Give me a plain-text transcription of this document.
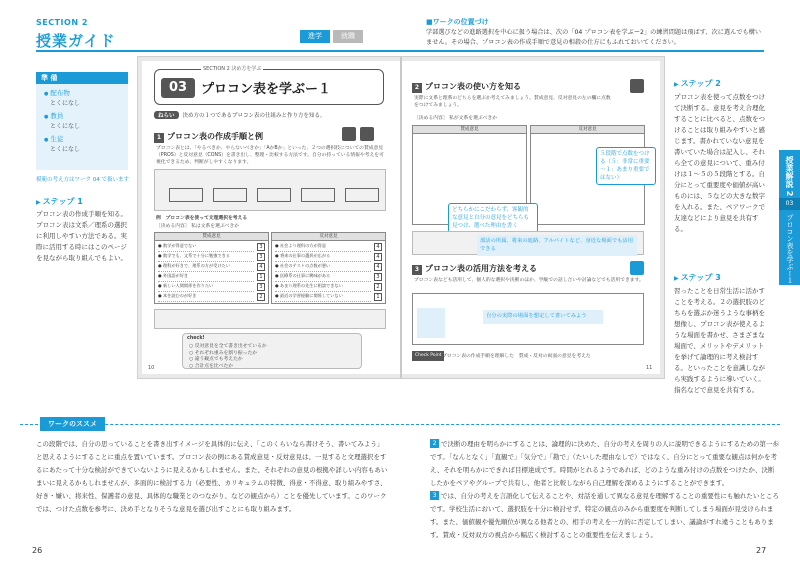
SECTION 2
授業ガイド	進学	就職
■ワークの位置づけ
学部選びなどの進路選択を中心に扱う場合は、次の「04 プロコン表を学ぶー2」の練習問題は飛ばす、次に選んでも構いません。その場合、プロコン表の作成手順で意見の相殺の仕方にもふれておいてください。
準 備
● 配布物
とくになし
● 教員
とくになし
● 生徒
とくになし
模範の考え方はワーク 04 で扱います
▶ ステップ 1
プロコン表の作成手順を知る。プロコン表は文系／理系の選択に利用しやすい方法である。実際に活用する時にはこのページを見ながら取り組んでもよい。
▶ ステップ 2
プロコン表を使って点数をつけて決断する。意見を考え合理化することに比べると、点数をつけることは取り組みやすいと感じます。書かれていない意見を書いていた場合は記入し、それら全ての意見について、重み付けは１～５の５段階とする。自分にとって重要度や価値が高いものには、５などの大きな数字を入れる。また、ペアワークで友達などにより意見を共有する。
▶ ステップ 3
習ったことを日常生活に活かすことを考える。２の選択肢のどちらを選ぶか迷うような事柄を想像し、プロコン表が使えるような場面を書かせ、さまざまな場面で、メリットやデメリットを挙げて論理的に考え検討する。といったことを意識しながら実践するように導いていく。指名などで意見を共有する。
授業解説 2
03
プロコン表を学ぶー１
SECTION 2 決め方を学ぶ
03	プロコン表を学ぶー１
ねらい 決め方の１つであるプロコン表の仕組みと作り方を知る。
1 プロコン表の作成手順と例
プロコン表とは、「やるべきか、やらないべきか」「AかBか」といった、２つの選択肢についての賛成意見（PROS）と反対意見（CONS）を書き出し、整理・比較する方法です。自分の持っている情報や考えを可視化できるため、判断がしやすくなります。
例　 プロコン表を使って文理選択を考える
［決める内容］ 私は文系を選ぶべきか
賛成意見
● 数学が得意でない	3
● 数学でも、文系で十分に勉強できる	3
● 理科が好きで、理系の方が受けたい	4
● 外国語が好き	1
● 新しい人間関係を作りたい	3
● 本を読むのが好き	2
反対意見
● 社会より理科の方が得意	4
● 将来の仕事の選択が広がる	4
● 社会のテストの点数が悪い	4
● 医療系の仕事に興味がある	3
● あまり理系の先生に相談できない	2
● 最近の学習経験に関係していない	1
check!
○ 反対意見を全て書き出せているか
○ それぞれ重みを割り振ったか
○ 違う観点でも考えたか
○ 合計点を比べたか
10
2 プロコン表の使い方を知る
実際に文系と理系のどちらを選ぶか考えてみましょう。賛成意見、反対意見の左の欄に点数をつけてみましょう。
［決める内容］ 私が文系を選ぶべきか
賛成意見	反対意見
５段階で点数をつける（５：非常に重要～１：あまり重要ではない）
どちらかにこだわらず、客観的な意見と自分の意見をどちらも見つけ、選べた理由を書く
部活の所属、将来の進路、アルバイトなど、身近な場面でも活用できる
3 プロコン表の活用方法を考える
プロコン表なども活用して、個人的な選択や決断のほか、学級での話し合いや討論などでも活用できます。
自分の実際の場面を想定して書いてみよう
Check Point プロコン表の作成手順を理解した　賛成・反対の両面の意見を考えた
11
ワークのススメ
この段階では、自分の思っていることを書き出すイメージを具体的に伝え、「このくらいなら書けそう、書いてみよう」と思えるようにすることに重点を置いています。プロコン表の例にある賛成意見・反対意見は、一見すると文理選択をするにあたって十分な検討ができていないように見えるかもしれません。また、それぞれの意見の根拠や詳しい内容もあいまいに見えるかもしれませんが、多面的に検討する力（必要性、カリキュラムの特徴、得意・不得意、取り組みやすさ、好き・嫌い、将来性、保護者の意見、具体的な職業とのつながり、などの観点から）ことを優先しています。このワークでは、つけた点数を参考に、決め手となりそうな意見を選び出すことにも取り組みます。

2 で決断の理由を明らかにすることは、論理的に決めた、自分の考えを周りの人に説明できるようにするための第一歩です。「なんとなく」「直観で」「気分で」「勘で」（たいした理由なしで）ではなく、自分にとって重要な観点は何かを考え、それを明らかにできれば目標達成です。時間がとれるようであれば、どのような重み付けの点数をつけたか、決断したかをペアやグループで共有し、他者と比較しながら自己理解を深めるようにすることができます。

3 では、自分の考えを言語化して伝えることや、対話を通して異なる意見を理解することの重要性にも触れたいところです。学校生活において、選択肢を十分に検討せず、特定の観点のみから重要度を判断してしまう場面が見受けられます。また、価値観や優先順位が異なる他者との、相手の考えを一方的に否定してしまい、議論がすれ違うこともあります。賛成・反対双方の視点から幅広く検討することの重要性を伝えましょう。

26	27
